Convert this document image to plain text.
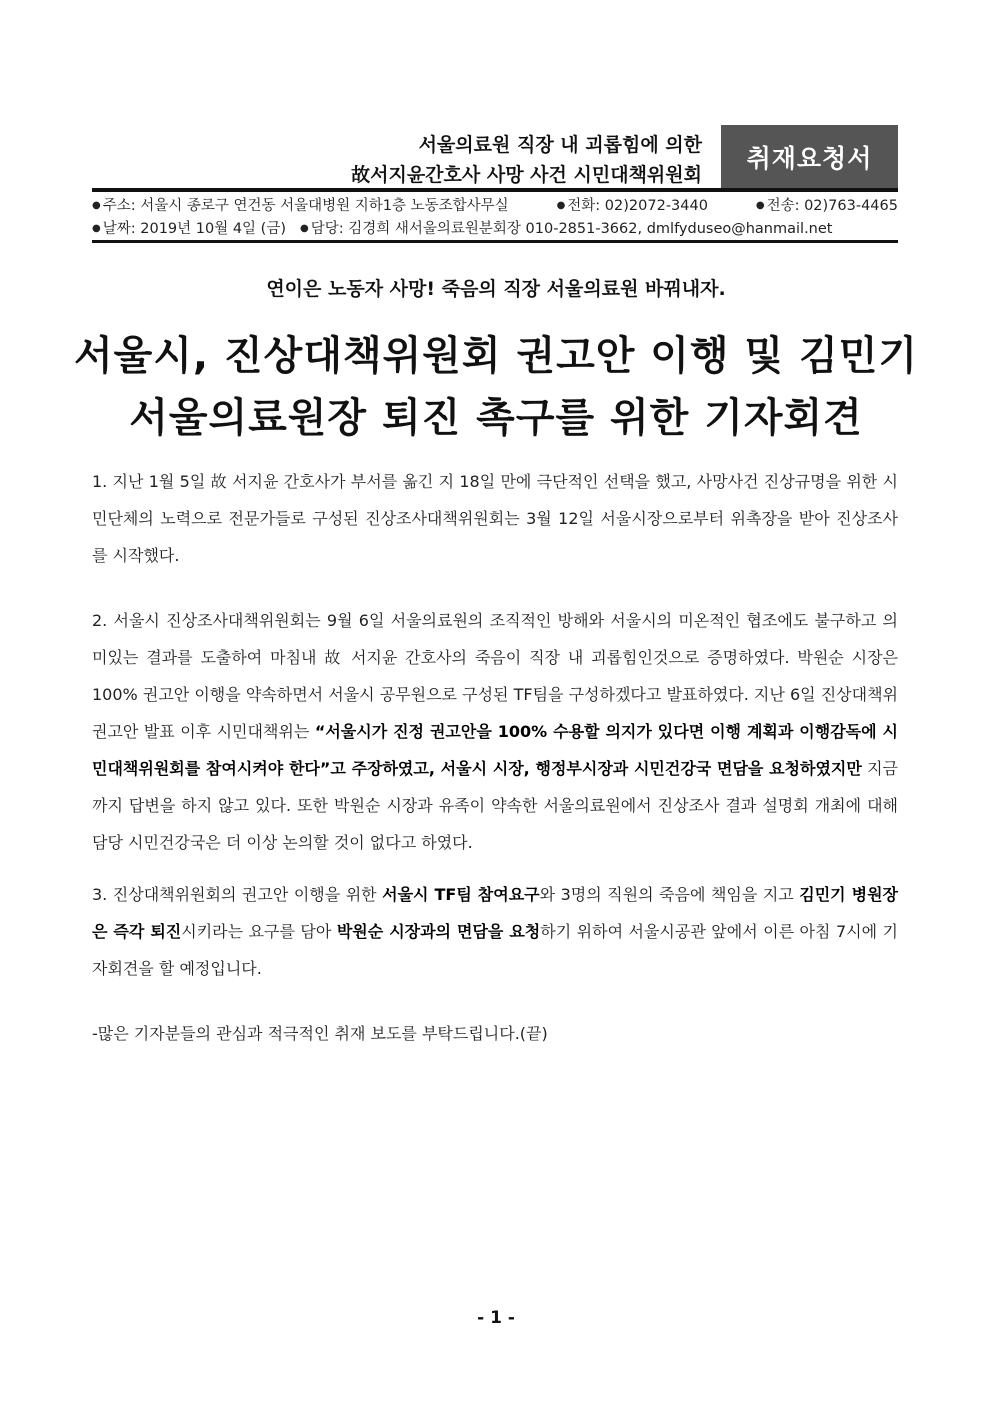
서울의료원 직장 내 괴롭힘에 의한
故서지윤간호사 사망 사건 시민대책위원회
취재요청서
● 주소: 서울시 종로구 연건동 서울대병원 지하1층 노동조합사무실	● 전화: 02)2072-3440	● 전송: 02)763-4465
● 날짜: 2019년 10월 4일 (금) ● 담당: 김경희 새서울의료원분회장 010-2851-3662, dmlfyduseo@hanmail.net
연이은 노동자 사망! 죽음의 직장 서울의료원 바꿔내자.
서울시, 진상대책위원회 권고안 이행 및 김민기
서울의료원장 퇴진 촉구를 위한 기자회견
1. 지난 1월 5일 故 서지윤 간호사가 부서를 옮긴 지 18일 만에 극단적인 선택을 했고, 사망사건 진상규명을 위한 시민단체의 노력으로 전문가들로 구성된 진상조사대책위원회는 3월 12일 서울시장으로부터 위촉장을 받아 진상조사를 시작했다.
2. 서울시 진상조사대책위원회는 9월 6일 서울의료원의 조직적인 방해와 서울시의 미온적인 협조에도 불구하고 의미있는 결과를 도출하여 마침내 故 서지윤 간호사의 죽음이 직장 내 괴롭힘인것으로 증명하였다. 박원순 시장은 100% 권고안 이행을 약속하면서 서울시 공무원으로 구성된 TF팀을 구성하겠다고 발표하였다. 지난 6일 진상대책위 권고안 발표 이후 시민대책위는 “서울시가 진정 권고안을 100% 수용할 의지가 있다면 이행 계획과 이행감독에 시민대책위원회를 참여시켜야 한다”고 주장하였고, 서울시 시장, 행정부시장과 시민건강국 면담을 요청하였지만 지금까지 답변을 하지 않고 있다. 또한 박원순 시장과 유족이 약속한 서울의료원에서 진상조사 결과 설명회 개최에 대해 담당 시민건강국은 더 이상 논의할 것이 없다고 하였다.
3. 진상대책위원회의 권고안 이행을 위한 서울시 TF팀 참여요구와 3명의 직원의 죽음에 책임을 지고 김민기 병원장은 즉각 퇴진시키라는 요구를 담아 박원순 시장과의 면담을 요청하기 위하여 서울시공관 앞에서 이른 아침 7시에 기자회견을 할 예정입니다.
-많은 기자분들의 관심과 적극적인 취재 보도를 부탁드립니다.(끝)
- 1 -
